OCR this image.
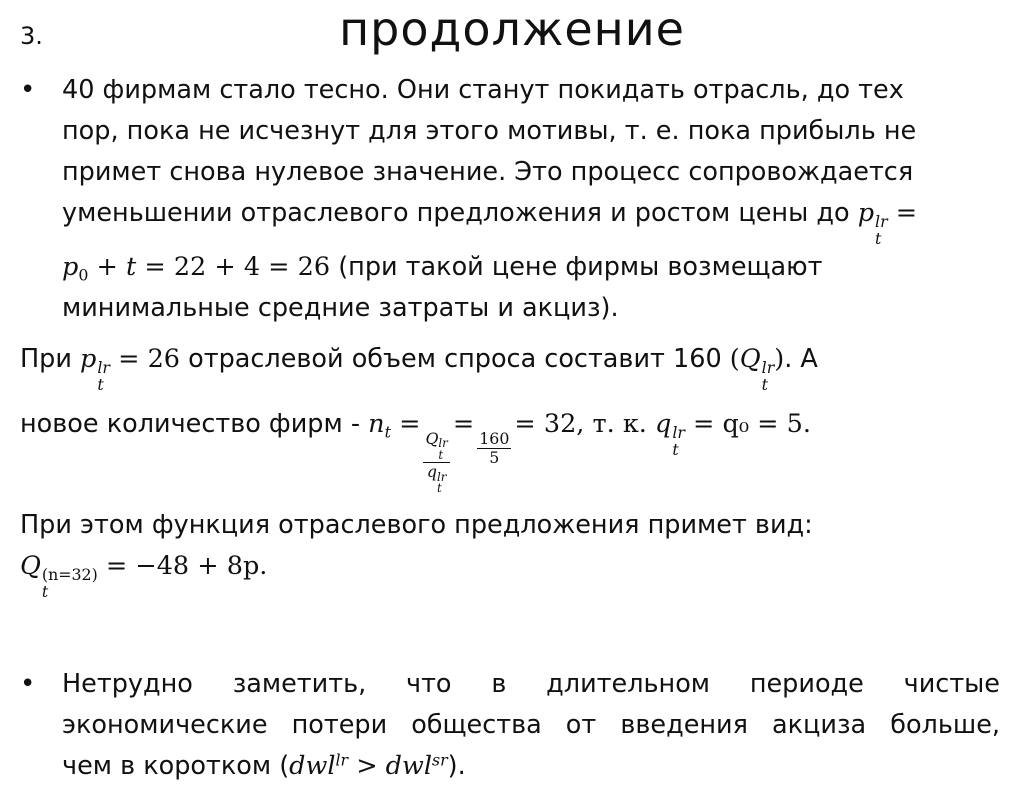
3.	продолжение
•	40 фирмам стало тесно. Они станут покидать отрасль, до тех
пор, пока не исчезнут для этого мотивы, т. е. пока прибыль не
примет снова нулевое значение. Это процесс сопровождается
уменьшении отраслевого предложения и ростом цены до p lr
t
=
$p_0 + t = 22 + 4 = 26$ (при такой цене фирмы возмещают
минимальные средние затраты и акциз).
При p lr
t
= 26 отраслевой объем спроса составит 160 (Q lr
t
). А
новое количество фирм - $n_t$ =
Q lr
t
q lr
t
=
$\frac{160}{5}$
= 32, т. к. q lr
t
= q₀ = 5.
При этом функция отраслевого предложения примет вид:
Q (n=32)
t
= −48 + 8p.
•	Нетрудно заметить, что в длительном периоде чистые
экономические потери общества от введения акциза больше,
чем в коротком (dwl$^{lr}$ > dwl$^{sr}$).
